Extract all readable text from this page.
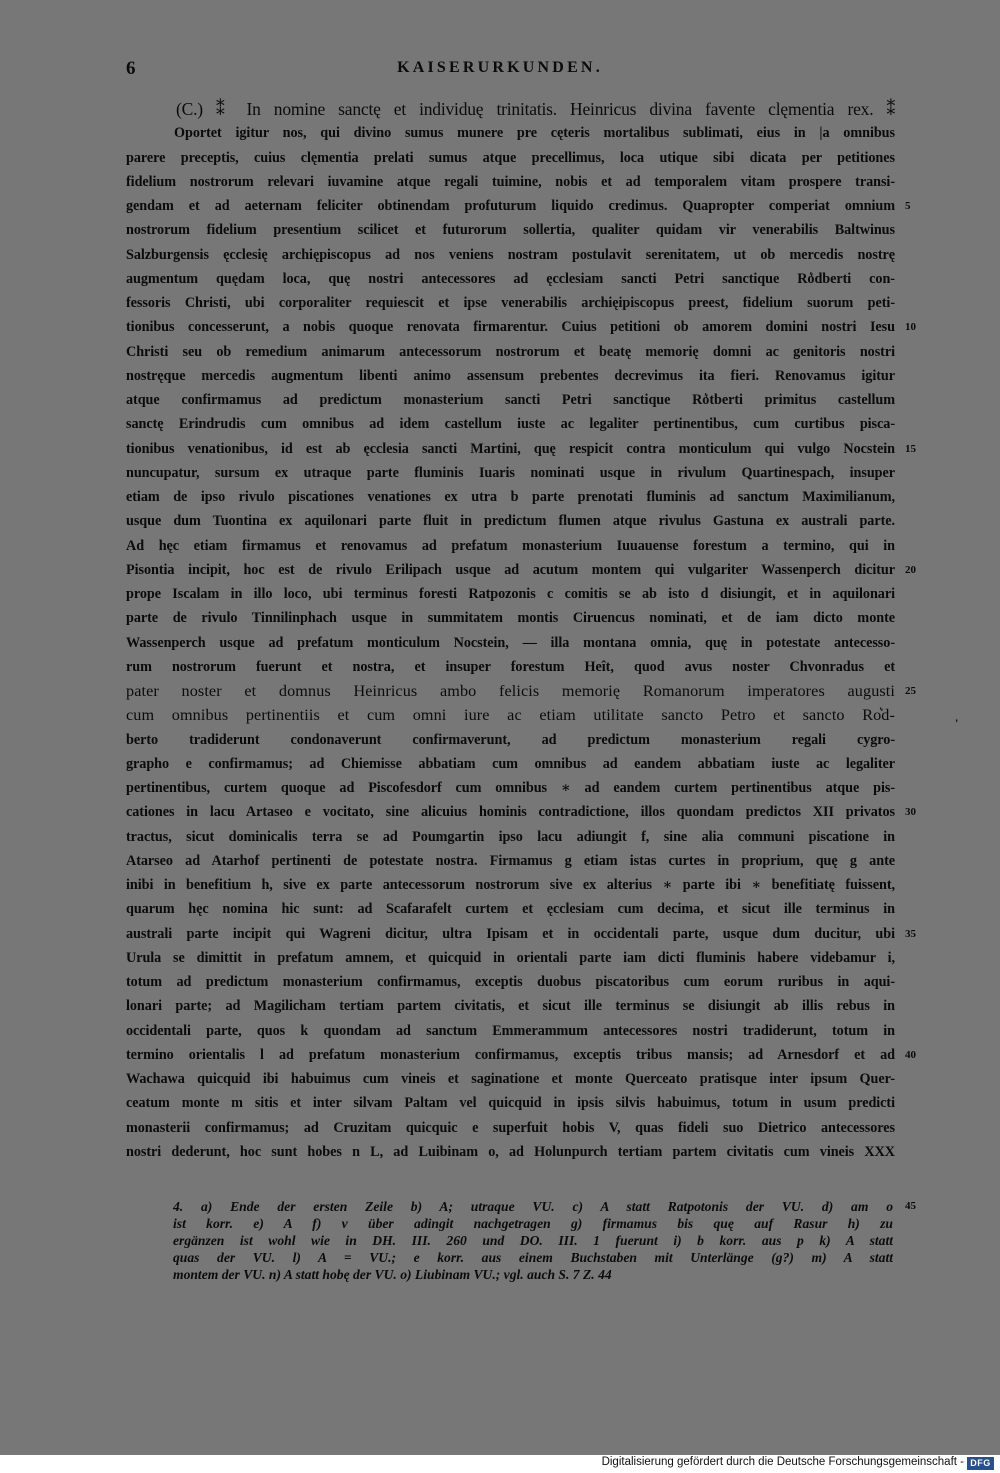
6	KAISERURKUNDEN.
(C.) ⁑ In nomine sanctę et individuę trinitatis. Heinricus divina favente clęmentia rex. ⁑
Oportet igitur nos, qui divino sumus munere pre cęteris mortalibus sublimati, eius in |a omnibus
parere preceptis, cuius clęmentia prelati sumus atque precellimus, loca utique sibi dicata per petitiones
fidelium nostrorum relevari iuvamine atque regali tuimine, nobis et ad temporalem vitam prospere transi-
gendam et ad aeternam feliciter obtinendam profuturum liquido credimus. Quapropter comperiat omnium
nostrorum fidelium presentium scilicet et futurorum sollertia, qualiter quidam vir venerabilis Baltwinus
Salzburgensis ęcclesię archiępiscopus ad nos veniens nostram postulavit serenitatem, ut ob mercedis nostrę
augmentum quędam loca, quę nostri antecessores ad ęcclesiam sancti Petri sanctique Ro͛dberti con-
fessoris Christi, ubi corporaliter requiescit et ipse venerabilis archięipiscopus preest, fidelium suorum peti-
tionibus concesserunt, a nobis quoque renovata firmarentur. Cuius petitioni ob amorem domini nostri Iesu
Christi seu ob remedium animarum antecessorum nostrorum et beatę memorię domni ac genitoris nostri
nostręque mercedis augmentum libenti animo assensum prebentes decrevimus ita fieri. Renovamus igitur
atque confirmamus ad predictum monasterium sancti Petri sanctique Ro͛tberti primitus castellum
sanctę Erindrudis cum omnibus ad idem castellum iuste ac legaliter pertinentibus, cum curtibus pisca-
tionibus venationibus, id est ab ęcclesia sancti Martini, quę respicit contra monticulum qui vulgo Nocstein
nuncupatur, sursum ex utraque parte fluminis Iuaris nominati usque in rivulum Quartinespach, insuper
etiam de ipso rivulo piscationes venationes ex utra b parte prenotati fluminis ad sanctum Maximilianum,
usque dum Tuontina ex aquilonari parte fluit in predictum flumen atque rivulus Gastuna ex australi parte.
Ad hęc etiam firmamus et renovamus ad prefatum monasterium Iuuauense forestum a termino, qui in
Pisontia incipit, hoc est de rivulo Erilipach usque ad acutum montem qui vulgariter Wassenperch dicitur
prope Iscalam in illo loco, ubi terminus foresti Ratpozonis c comitis se ab isto d disiungit, et in aquilonari
parte de rivulo Tinnilinphach usque in summitatem montis Ciruencus nominati, et de iam dicto monte
Wassenperch usque ad prefatum monticulum Nocstein, — illa montana omnia, quę in potestate antecesso-
rum nostrorum fuerunt et nostra, et insuper forestum Heît, quod avus noster Chvonradus et
pater noster et domnus Heinricus ambo felicis memorię Romanorum imperatores augusti
cum omnibus pertinentiis et cum omni iure ac etiam utilitate sancto Petro et sancto Ro͛d-
berto tradiderunt condonaverunt confirmaverunt, ad predictum monasterium regali cygro-
grapho e confirmamus; ad Chiemisse abbatiam cum omnibus ad eandem abbatiam iuste ac legaliter
pertinentibus, curtem quoque ad Piscofesdorf cum omnibus ∗ ad eandem curtem pertinentibus atque pis-
cationes in lacu Artaseo e vocitato, sine alicuius hominis contradictione, illos quondam predictos XII privatos
tractus, sicut dominicalis terra se ad Poumgartin ipso lacu adiungit f, sine alia communi piscatione in
Atarseo ad Atarhof pertinenti de potestate nostra. Firmamus g etiam istas curtes in proprium, quę g ante
inibi in benefitium h, sive ex parte antecessorum nostrorum sive ex alterius ∗ parte ibi ∗ benefitiatę fuissent,
quarum hęc nomina hic sunt: ad Scafarafelt curtem et ęcclesiam cum decima, et sicut ille terminus in
australi parte incipit qui Wagreni dicitur, ultra Ipisam et in occidentali parte, usque dum ducitur, ubi
Urula se dimittit in prefatum amnem, et quicquid in orientali parte iam dicti fluminis habere videbamur i,
totum ad predictum monasterium confirmamus, exceptis duobus piscatoribus cum eorum ruribus in aqui-
lonari parte; ad Magilicham tertiam partem civitatis, et sicut ille terminus se disiungit ab illis rebus in
occidentali parte, quos k quondam ad sanctum Emmerammum antecessores nostri tradiderunt, totum in
termino orientalis l ad prefatum monasterium confirmamus, exceptis tribus mansis; ad Arnesdorf et ad
Wachawa quicquid ibi habuimus cum vineis et saginatione et monte Querceato pratisque inter ipsum Quer-
ceatum monte m sitis et inter silvam Paltam vel quicquid in ipsis silvis habuimus, totum in usum predicti
monasterii confirmamus; ad Cruzitam quicquic e superfuit hobis V, quas fideli suo Dietrico antecessores
nostri dederunt, hoc sunt hobes n L, ad Luibinam o, ad Holunpurch tertiam partem civitatis cum vineis XXX
5
10
15
20
25
30
35
40
'
4. a) Ende der ersten Zeile b) A; utraque VU. c) A statt Ratpotonis der VU. d) am o
ist korr. e) A f) v über adingit nachgetragen g) firmamus bis quę auf Rasur h) zu
ergänzen ist wohl wie in DH. III. 260 und DO. III. 1 fuerunt i) b korr. aus p k) A statt
quas der VU. l) A = VU.; e korr. aus einem Buchstaben mit Unterlänge (g?) m) A statt
montem der VU. n) A statt hobę der VU. o) Liubinam VU.; vgl. auch S. 7 Z. 44
45
Digitalisierung gefördert durch die Deutsche Forschungsgemeinschaft - DFG
